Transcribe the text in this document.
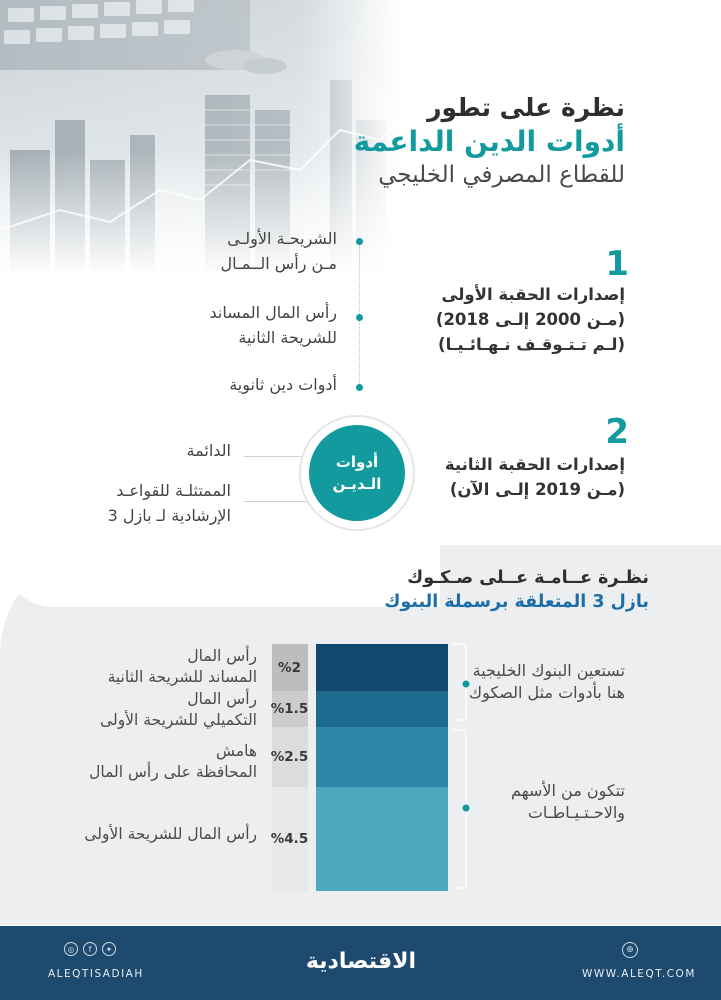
نظرة على تطور
أدوات الدين الداعمة
للقطاع المصرفي الخليجي
1
إصدارات الحقبة الأولى
(مـن 2000 إلـى 2018)
(لـم تـتـوقـف نـهـائـيـا)
الشريحـة الأولـى
مـن رأس الــمـال
رأس المال المساند
للشريحة الثانية
أدوات دين ثانوية
2
إصدارات الحقبة الثانية
(مـن 2019 إلـى الآن)
أدوات
الـديـن
الدائمة
الممتثلـة للقواعـد
الإرشادية لـ بازل 3
نظـرة عــامـة عــلى صـكـوك
بازل 3 المتعلقة برسملة البنوك
%2
%1.5
%2.5
%4.5
رأس المال
المساند للشريحة الثانية
رأس المال
التكميلي للشريحة الأولى
هامش
المحافظة على رأس المال
رأس المال للشريحة الأولى
تستعين البنوك الخليجية
هنا بأدوات مثل الصكوك
تتكون من الأسهم
والاحـتـيـاطـات
◎	f	✦
ALEQTISADIAH	الاقتصادية	⊕
WWW.ALEQT.COM
